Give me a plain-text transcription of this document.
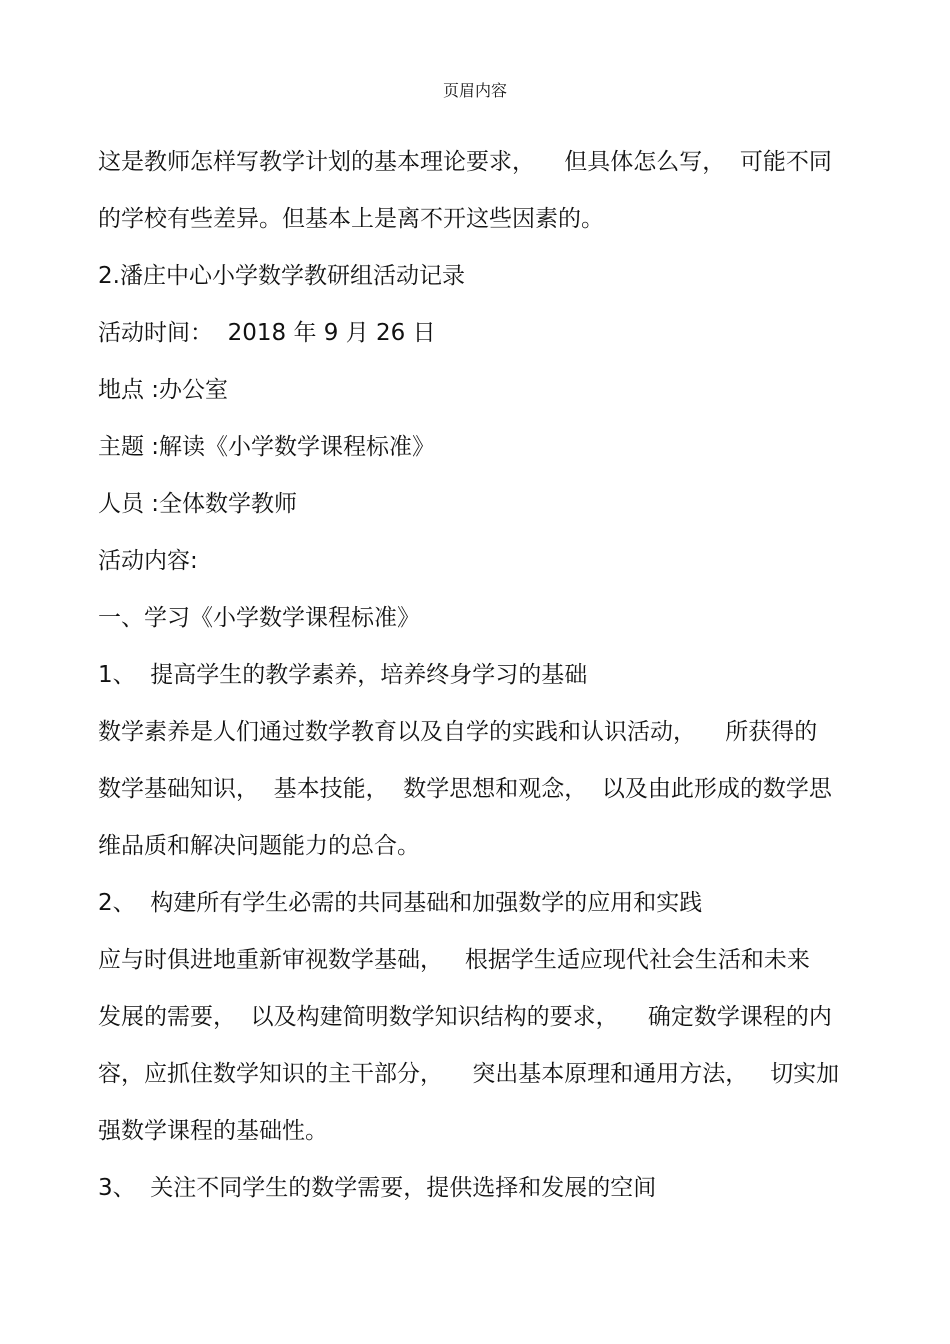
页眉内容
这是教师怎样写教学计划的基本理论要求，    但具体怎么写，  可能不同
的学校有些差异。但基本上是离不开这些因素的。
2.潘庄中心小学数学教研组活动记录
活动时间：  2018 年 9 月 26 日
地点 :办公室
主题 :解读《小学数学课程标准》
人员 :全体数学教师
活动内容:
一、学习《小学数学课程标准》
1、  提高学生的教学素养，培养终身学习的基础
数学素养是人们通过数学教育以及自学的实践和认识活动，    所获得的
数学基础知识，  基本技能，  数学思想和观念，  以及由此形成的数学思
维品质和解决问题能力的总合。
2、  构建所有学生必需的共同基础和加强数学的应用和实践
应与时俱进地重新审视数学基础，   根据学生适应现代社会生活和未来
发展的需要，  以及构建简明数学知识结构的要求，    确定数学课程的内
容，应抓住数学知识的主干部分，    突出基本原理和通用方法，   切实加
强数学课程的基础性。
3、  关注不同学生的数学需要，提供选择和发展的空间
